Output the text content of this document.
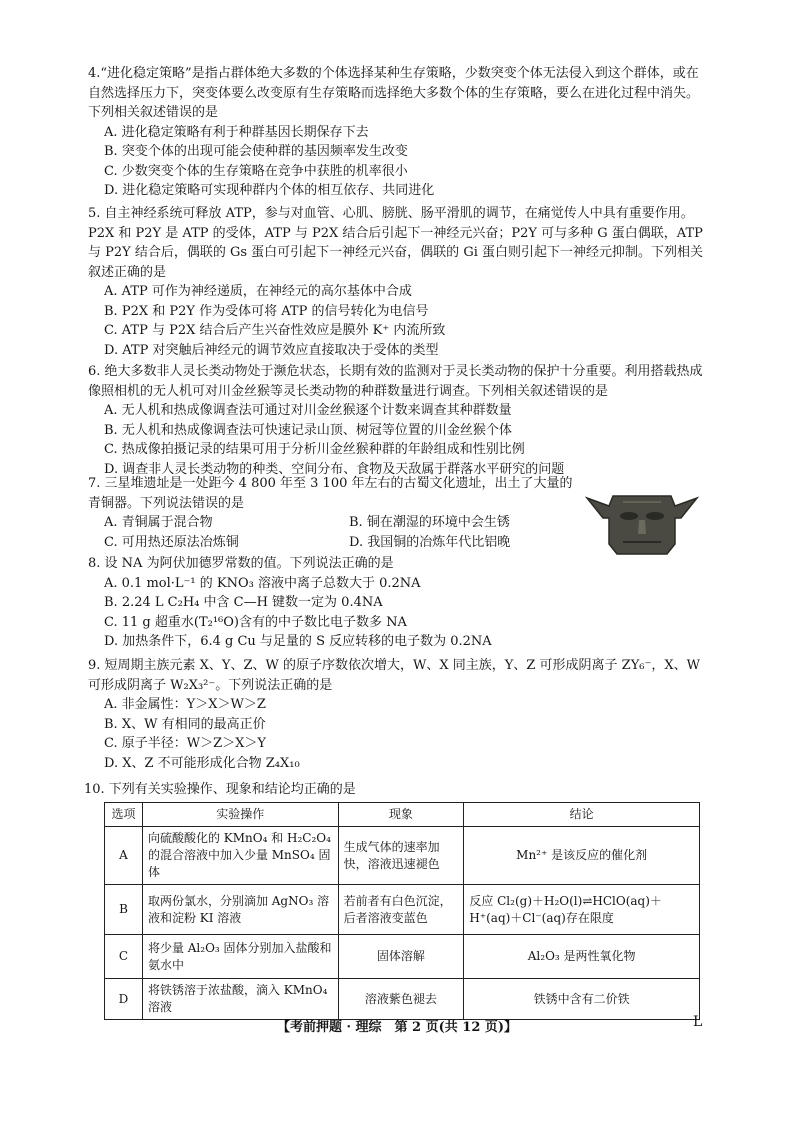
4.“进化稳定策略”是指占群体绝大多数的个体选择某种生存策略，少数突变个体无法侵入到这个群体，或在自然选择压力下，突变体要么改变原有生存策略而选择绝大多数个体的生存策略，要么在进化过程中消失。下列相关叙述错误的是
A. 进化稳定策略有利于种群基因长期保存下去
B. 突变个体的出现可能会使种群的基因频率发生改变
C. 少数突变个体的生存策略在竞争中获胜的机率很小
D. 进化稳定策略可实现种群内个体的相互依存、共同进化
5. 自主神经系统可释放 ATP，参与对血管、心肌、膀胱、肠平滑肌的调节，在痛觉传人中具有重要作用。P2X 和 P2Y 是 ATP 的受体，ATP 与 P2X 结合后引起下一神经元兴奋；P2Y 可与多种 G 蛋白偶联，ATP 与 P2Y 结合后，偶联的 Gs 蛋白可引起下一神经元兴奋，偶联的 Gi 蛋白则引起下一神经元抑制。下列相关叙述正确的是
A. ATP 可作为神经递质，在神经元的高尔基体中合成
B. P2X 和 P2Y 作为受体可将 ATP 的信号转化为电信号
C. ATP 与 P2X 结合后产生兴奋性效应是膜外 K⁺ 内流所致
D. ATP 对突触后神经元的调节效应直接取决于受体的类型
6. 绝大多数非人灵长类动物处于濒危状态，长期有效的监测对于灵长类动物的保护十分重要。利用搭载热成像照相机的无人机可对川金丝猴等灵长类动物的种群数量进行调查。下列相关叙述错误的是
A. 无人机和热成像调查法可通过对川金丝猴逐个计数来调查其种群数量
B. 无人机和热成像调查法可快速记录山顶、树冠等位置的川金丝猴个体
C. 热成像拍摄记录的结果可用于分析川金丝猴种群的年龄组成和性别比例
D. 调查非人灵长类动物的种类、空间分布、食物及天敌属于群落水平研究的问题
7. 三星堆遗址是一处距今 4 800 年至 3 100 年左右的古蜀文化遗址，出土了大量的青铜器。下列说法错误的是
A. 青铜属于混合物	B. 铜在潮湿的环境中会生锈
C. 可用热还原法冶炼铜	D. 我国铜的冶炼年代比铝晚
8. 设 NA 为阿伏加德罗常数的值。下列说法正确的是
A. 0.1 mol·L⁻¹ 的 KNO₃ 溶液中离子总数大于 0.2NA
B. 2.24 L C₂H₄ 中含 C—H 键数一定为 0.4NA
C. 11 g 超重水(T₂¹⁶O)含有的中子数比电子数多 NA
D. 加热条件下，6.4 g Cu 与足量的 S 反应转移的电子数为 0.2NA
9. 短周期主族元素 X、Y、Z、W 的原子序数依次增大，W、X 同主族，Y、Z 可形成阴离子 ZY₆⁻，X、W 可形成阴离子 W₂X₃²⁻。下列说法正确的是
A. 非金属性：Y＞X＞W＞Z
B. X、W 有相同的最高正价
C. 原子半径：W＞Z＞X＞Y
D. X、Z 不可能形成化合物 Z₄X₁₀
10. 下列有关实验操作、现象和结论均正确的是
选项	实验操作	现象	结论
A	向硫酸酸化的 KMnO₄ 和 H₂C₂O₄ 的混合溶液中加入少量 MnSO₄ 固体	生成气体的速率加快，溶液迅速褪色	Mn²⁺ 是该反应的催化剂
B	取两份氯水，分别滴加 AgNO₃ 溶液和淀粉 KI 溶液	若前者有白色沉淀，后者溶液变蓝色	反应 Cl₂(g)＋H₂O(l)⇌HClO(aq)＋H⁺(aq)＋Cl⁻(aq)存在限度
C	将少量 Al₂O₃ 固体分别加入盐酸和氨水中	固体溶解	Al₂O₃ 是两性氧化物
D	将铁锈溶于浓盐酸，滴入 KMnO₄ 溶液	溶液紫色褪去	铁锈中含有二价铁
【考前押题 · 理综　第 2 页(共 12 页)】	L
